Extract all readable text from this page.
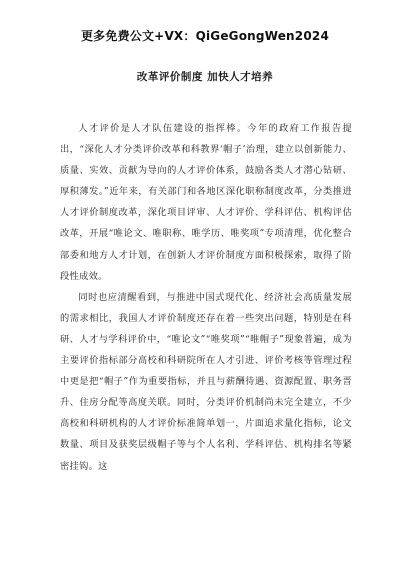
更多免费公文+VX：QiGeGongWen2024
改革评价制度 加快人才培养

人才评价是人才队伍建设的指挥棒。今年的政府工作报告提出，“深化人才分类评价改革和科教界‘帽子’治理，建立以创新能力、质量、实效、贡献为导向的人才评价体系，鼓励各类人才潜心钻研、厚积薄发。”近年来，有关部门和各地区深化职称制度改革，分类推进人才评价制度改革，深化项目评审、人才评价、学科评估、机构评估改革，开展“唯论文、唯职称、唯学历、唯奖项”专项清理，优化整合部委和地方人才计划，在创新人才评价制度方面积极探索，取得了阶段性成效。

同时也应清醒看到，与推进中国式现代化、经济社会高质量发展的需求相比，我国人才评价制度还存在着一些突出问题，特别是在科研、人才与学科评价中，“唯论文”“唯奖项”“唯帽子”现象普遍，成为主要评价指标部分高校和科研院所在人才引进、评价考核等管理过程中更是把“帽子”作为重要指标，并且与薪酬待遇、资源配置、职务晋升、住房分配等高度关联。同时，分类评价机制尚未完全建立，不少高校和科研机构的人才评价标准简单划一，片面追求量化指标，论文数量、项目及获奖层级帽子等与个人名利、学科评估、机构排名等紧密挂钩。这
